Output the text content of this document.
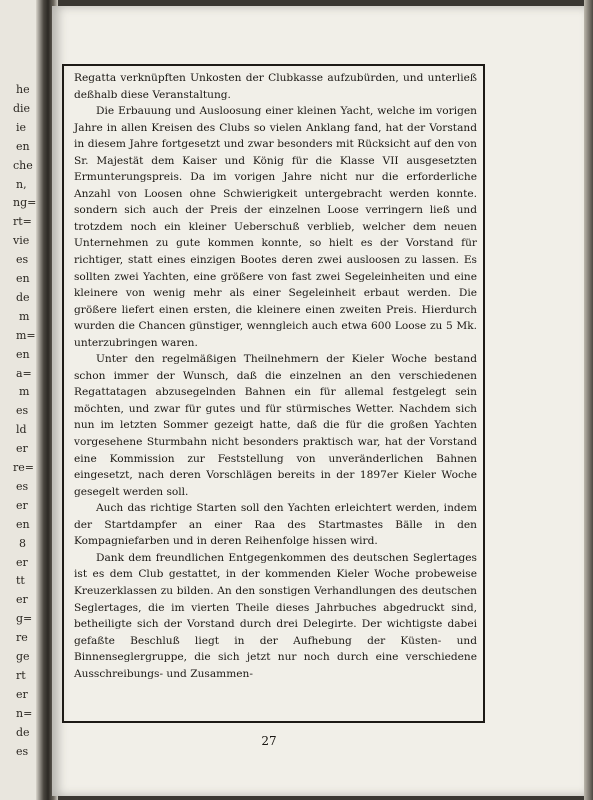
he
die
ie
en
che
n,
ng=
rt=
vie
es
en
de
m
m=
en
a=
m
es
ld
er
re=
es
er
en
8
er
tt
er
g=
re
ge
rt
er
n=
de
es

Regatta verknüpften Unkosten der Clubkasse aufzubürden, und unterließ deßhalb diese Veranstaltung.

Die Erbauung und Ausloosung einer kleinen Yacht, welche im vorigen Jahre in allen Kreisen des Clubs so vielen Anklang fand, hat der Vorstand in diesem Jahre fortgesetzt und zwar besonders mit Rücksicht auf den von Sr. Majestät dem Kaiser und König für die Klasse VII ausgesetzten Ermunterungspreis. Da im vorigen Jahre nicht nur die erforderliche Anzahl von Loosen ohne Schwierigkeit untergebracht werden konnte. sondern sich auch der Preis der einzelnen Loose verringern ließ und trotzdem noch ein kleiner Ueberschuß verblieb, welcher dem neuen Unternehmen zu gute kommen konnte, so hielt es der Vorstand für richtiger, statt eines einzigen Bootes deren zwei ausloosen zu lassen. Es sollten zwei Yachten, eine größere von fast zwei Segeleinheiten und eine kleinere von wenig mehr als einer Segeleinheit erbaut werden. Die größere liefert einen ersten, die kleinere einen zweiten Preis. Hierdurch wurden die Chancen günstiger, wenngleich auch etwa 600 Loose zu 5 Mk. unterzubringen waren.

Unter den regelmäßigen Theilnehmern der Kieler Woche bestand schon immer der Wunsch, daß die einzelnen an den verschiedenen Regattatagen abzusegelnden Bahnen ein für allemal festgelegt sein möchten, und zwar für gutes und für stürmisches Wetter. Nachdem sich nun im letzten Sommer gezeigt hatte, daß die für die großen Yachten vorgesehene Sturmbahn nicht besonders praktisch war, hat der Vorstand eine Kommission zur Feststellung von unveränderlichen Bahnen eingesetzt, nach deren Vorschlägen bereits in der 1897er Kieler Woche gesegelt werden soll.

Auch das richtige Starten soll den Yachten erleichtert werden, indem der Startdampfer an einer Raa des Startmastes Bälle in den Kompagniefarben und in deren Reihenfolge hissen wird.

Dank dem freundlichen Entgegenkommen des deutschen Seglertages ist es dem Club gestattet, in der kommenden Kieler Woche probeweise Kreuzerklassen zu bilden. An den sonstigen Verhandlungen des deutschen Seglertages, die im vierten Theile dieses Jahrbuches abgedruckt sind, betheiligte sich der Vorstand durch drei Delegirte. Der wichtigste dabei gefaßte Beschluß liegt in der Aufhebung der Küsten- und Binnenseglergruppe, die sich jetzt nur noch durch eine verschiedene Ausschreibungs- und Zusammen-

27
